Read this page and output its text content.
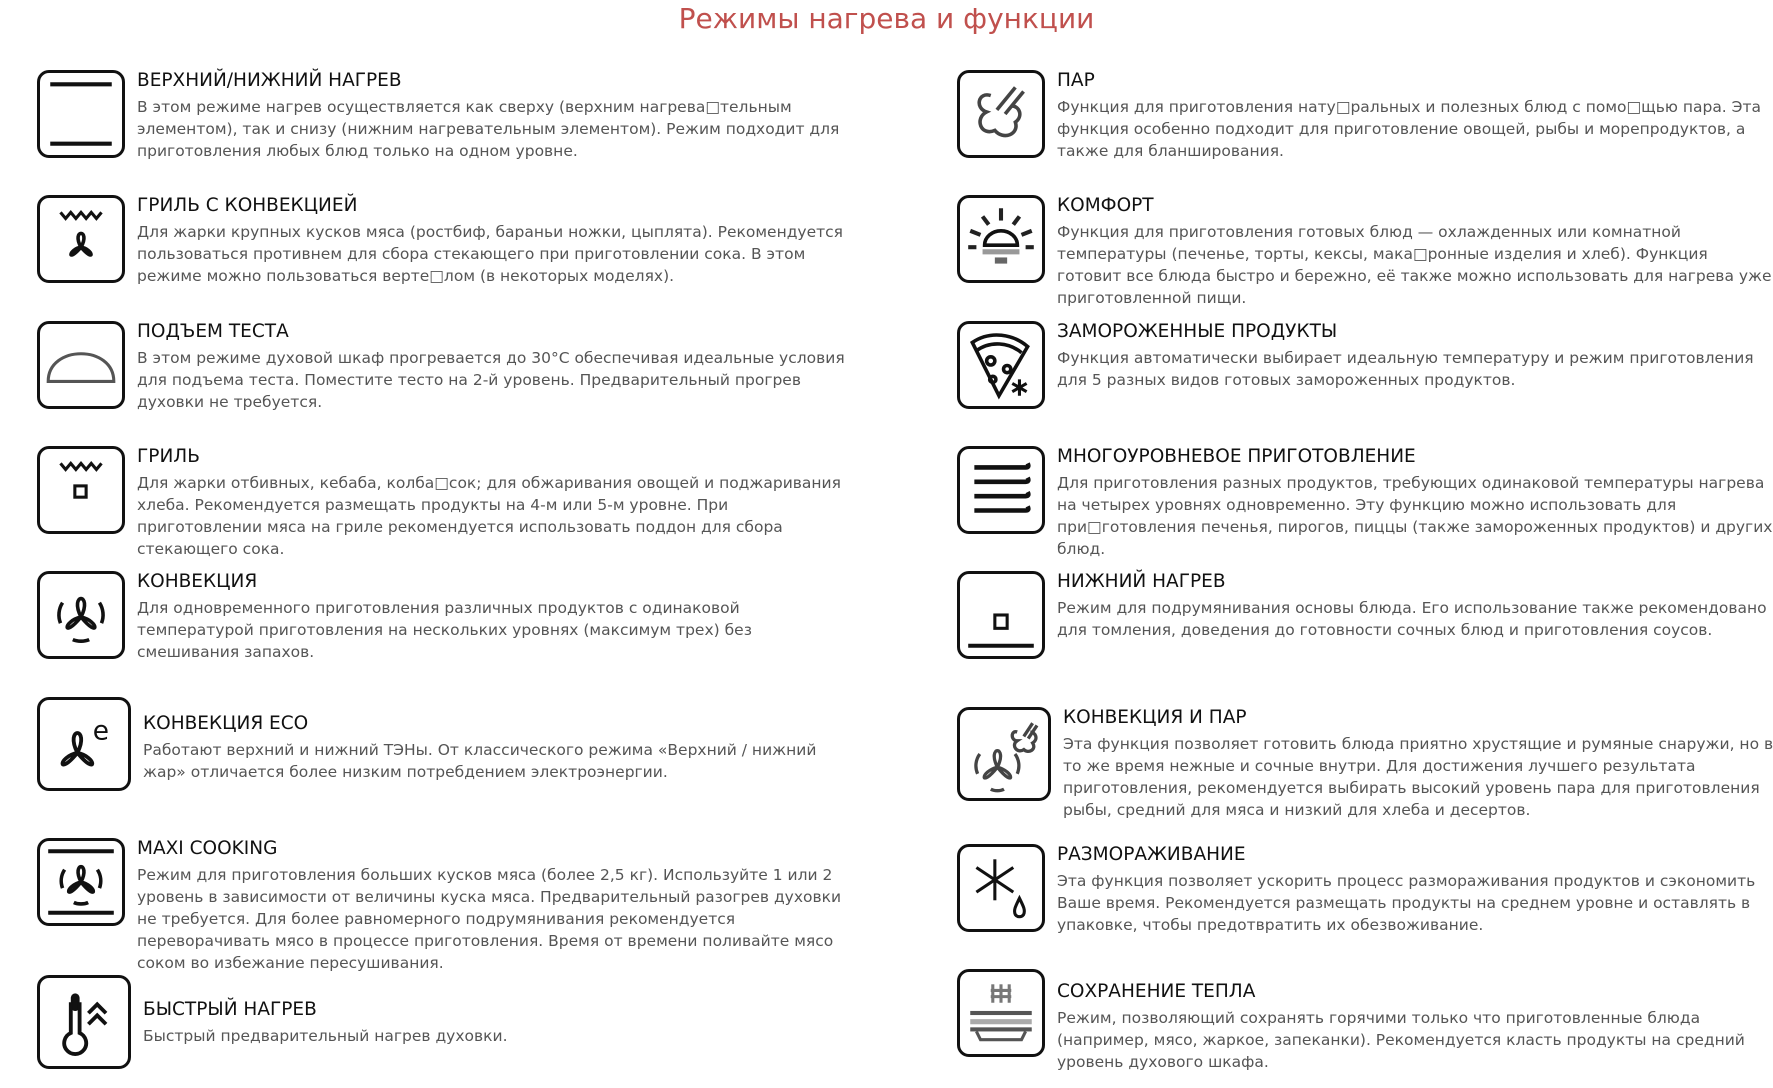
Режимы нагрева и функции
ВЕРХНИЙ/НИЖНИЙ НАГРЕВ

В этом режиме нагрев осуществляется как сверху (верхним нагрева□тельным элементом), так и снизу (нижним нагревательным элементом). Режим подходит для приготовления любых блюд только на одном уровне.

ГРИЛЬ С КОНВЕКЦИЕЙ

Для жарки крупных кусков мяса (ростбиф, бараньи ножки, цыплята). Рекомендуется пользоваться противнем для сбора стекающего при приготовлении сока. В этом режиме можно пользоваться верте□лом (в некоторых моделях).

ПОДЪЕМ ТЕСТА

В этом режиме духовой шкаф прогревается до 30°C обеспечивая идеальные условия для подъема теста. Поместите тесто на 2-й уровень. Предварительный прогрев духовки не требуется.

ГРИЛЬ

Для жарки отбивных, кебаба, колба□сок; для обжаривания овощей и поджаривания хлеба. Рекомендуется размещать продукты на 4-м или 5-м уровне. При приготовлении мяса на гриле рекомендуется использовать поддон для сбора стекающего сока.

КОНВЕКЦИЯ

Для одновременного приготовления различных продуктов с одинаковой температурой приготовления на нескольких уровнях (максимум трех) без смешивания запахов.

e КОНВЕКЦИЯ ECO

Работают верхний и нижний ТЭНы. От классического режима «Верхний / нижний жар» отличается более низким потребдением электроэнергии.

MAXI COOKING

Режим для приготовления больших кусков мяса (более 2,5 кг). Используйте 1 или 2 уровень в зависимости от величины куска мяса. Предварительный разогрев духовки не требуется. Для более равномерного подрумянивания рекомендуется переворачивать мясо в процессе приготовления. Время от времени поливайте мясо соком во избежание пересушивания.

БЫСТРЫЙ НАГРЕВ

Быстрый предварительный нагрев духовки.

ПАР

Функция для приготовления нату□ральных и полезных блюд с помо□щью пара. Эта функция особенно подходит для приготовление овощей, рыбы и морепродуктов, а также для бланширования.

КОМФОРТ

Функция для приготовления готовых блюд — охлажденных или комнатной температуры (печенье, торты, кексы, мака□ронные изделия и хлеб). Функция готовит все блюда быстро и бережно, её также можно использовать для нагрева уже приготовленной пищи.

ЗАМОРОЖЕННЫЕ ПРОДУКТЫ

Функция автоматически выбирает идеальную температуру и режим приготовления для 5 разных видов готовых замороженных продуктов.

МНОГОУРОВНЕВОЕ ПРИГОТОВЛЕНИЕ

Для приготовления разных продуктов, требующих одинаковой температуры нагрева на четырех уровнях одновременно. Эту функцию можно использовать для при□готовления печенья, пирогов, пиццы (также замороженных продуктов) и других блюд.

НИЖНИЙ НАГРЕВ

Режим для подрумянивания основы блюда. Его использование также рекомендовано для томления, доведения до готовности сочных блюд и приготовления соусов.

КОНВЕКЦИЯ И ПАР

Эта функция позволяет готовить блюда приятно хрустящие и румяные снаружи, но в то же время нежные и сочные внутри. Для достижения лучшего результата приготовления, рекомендуется выбирать высокий уровень пара для приготовления рыбы, средний для мяса и низкий для хлеба и десертов.

РАЗМОРАЖИВАНИЕ

Эта функция позволяет ускорить процесс размораживания продуктов и сэкономить Ваше время. Рекомендуется размещать продукты на среднем уровне и оставлять в упаковке, чтобы предотвратить их обезвоживание.

СОХРАНЕНИЕ ТЕПЛА

Режим, позволяющий сохранять горячими только что приготовленные блюда (например, мясо, жаркое, запеканки). Рекомендуется класть продукты на средний уровень духового шкафа.
